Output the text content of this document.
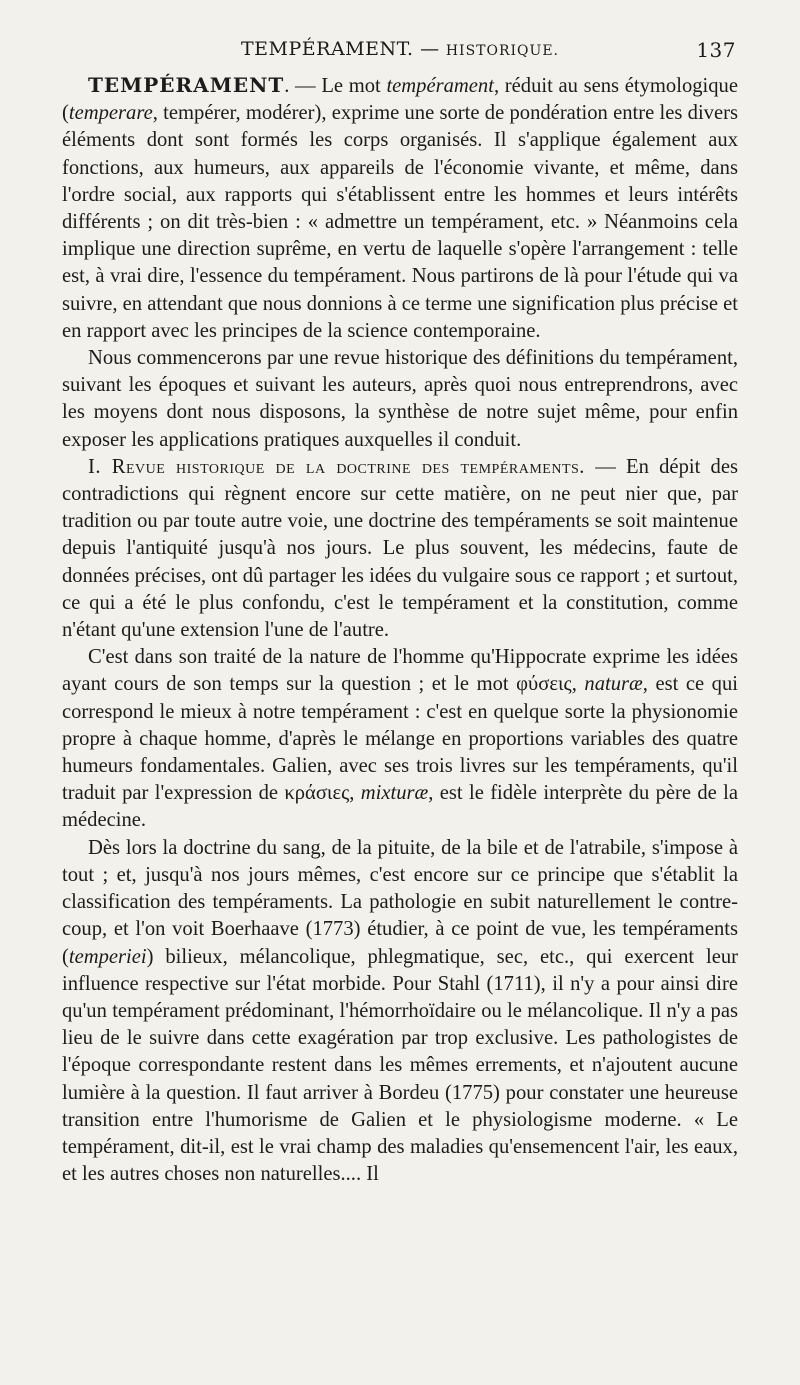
TEMPÉRAMENT. — HISTORIQUE.	137

TEMPÉRAMENT. — Le mot tempérament, réduit au sens étymologique (temperare, tempérer, modérer), exprime une sorte de pondération entre les divers éléments dont sont formés les corps organisés. Il s'applique également aux fonctions, aux humeurs, aux appareils de l'économie vivante, et même, dans l'ordre social, aux rapports qui s'établissent entre les hommes et leurs intérêts différents ; on dit très-bien : « admettre un tempérament, etc. » Néanmoins cela implique une direction suprême, en vertu de laquelle s'opère l'arrangement : telle est, à vrai dire, l'essence du tempérament. Nous partirons de là pour l'étude qui va suivre, en attendant que nous donnions à ce terme une signification plus précise et en rapport avec les principes de la science contemporaine.

Nous commencerons par une revue historique des définitions du tempérament, suivant les époques et suivant les auteurs, après quoi nous entreprendrons, avec les moyens dont nous disposons, la synthèse de notre sujet même, pour enfin exposer les applications pratiques auxquelles il conduit.

I. Revue historique de la doctrine des tempéraments. — En dépit des contradictions qui règnent encore sur cette matière, on ne peut nier que, par tradition ou par toute autre voie, une doctrine des tempéraments se soit maintenue depuis l'antiquité jusqu'à nos jours. Le plus souvent, les médecins, faute de données précises, ont dû partager les idées du vulgaire sous ce rapport ; et surtout, ce qui a été le plus confondu, c'est le tempérament et la constitution, comme n'étant qu'une extension l'une de l'autre.

C'est dans son traité de la nature de l'homme qu'Hippocrate exprime les idées ayant cours de son temps sur la question ; et le mot φύσεις, naturæ, est ce qui correspond le mieux à notre tempérament : c'est en quelque sorte la physionomie propre à chaque homme, d'après le mélange en proportions variables des quatre humeurs fondamentales. Galien, avec ses trois livres sur les tempéraments, qu'il traduit par l'expression de κράσιες, mixturæ, est le fidèle interprète du père de la médecine.

Dès lors la doctrine du sang, de la pituite, de la bile et de l'atrabile, s'impose à tout ; et, jusqu'à nos jours mêmes, c'est encore sur ce principe que s'établit la classification des tempéraments. La pathologie en subit naturellement le contre-coup, et l'on voit Boerhaave (1773) étudier, à ce point de vue, les tempéraments (temperiei) bilieux, mélancolique, phlegmatique, sec, etc., qui exercent leur influence respective sur l'état morbide. Pour Stahl (1711), il n'y a pour ainsi dire qu'un tempérament prédominant, l'hémorrhoïdaire ou le mélancolique. Il n'y a pas lieu de le suivre dans cette exagération par trop exclusive. Les pathologistes de l'époque correspondante restent dans les mêmes errements, et n'ajoutent aucune lumière à la question. Il faut arriver à Bordeu (1775) pour constater une heureuse transition entre l'humorisme de Galien et le physiologisme moderne. « Le tempérament, dit-il, est le vrai champ des maladies qu'ensemencent l'air, les eaux, et les autres choses non naturelles.... Il
